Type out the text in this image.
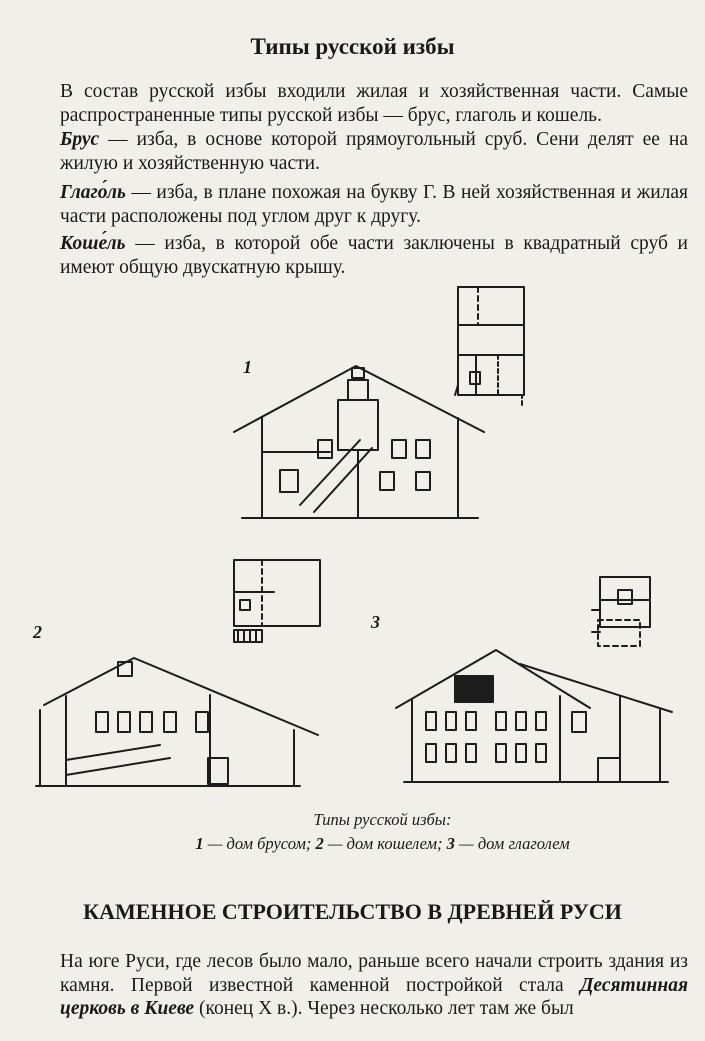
Типы русской избы

В состав русской избы входили жилая и хозяйственная части. Самые распространенные типы русской избы — брус, глаголь и кошель.

Брус — изба, в основе которой прямоугольный сруб. Сени делят ее на жилую и хозяйственную части.

Глаго́ль — изба, в плане похожая на букву Г. В ней хозяйственная и жилая части расположены под углом друг к другу.

Коше́ль — изба, в которой обе части заключены в квадратный сруб и имеют общую двускатную крышу.

1
2	3
Типы русской избы:
1 — дом брусом; 2 — дом кошелем; 3 — дом глаголем
КАМЕННОЕ СТРОИТЕЛЬСТВО В ДРЕВНЕЙ РУСИ

На юге Руси, где лесов было мало, раньше всего начали строить здания из камня. Первой известной каменной постройкой стала Десятинная церковь в Киеве (конец X в.). Через несколько лет там же был
